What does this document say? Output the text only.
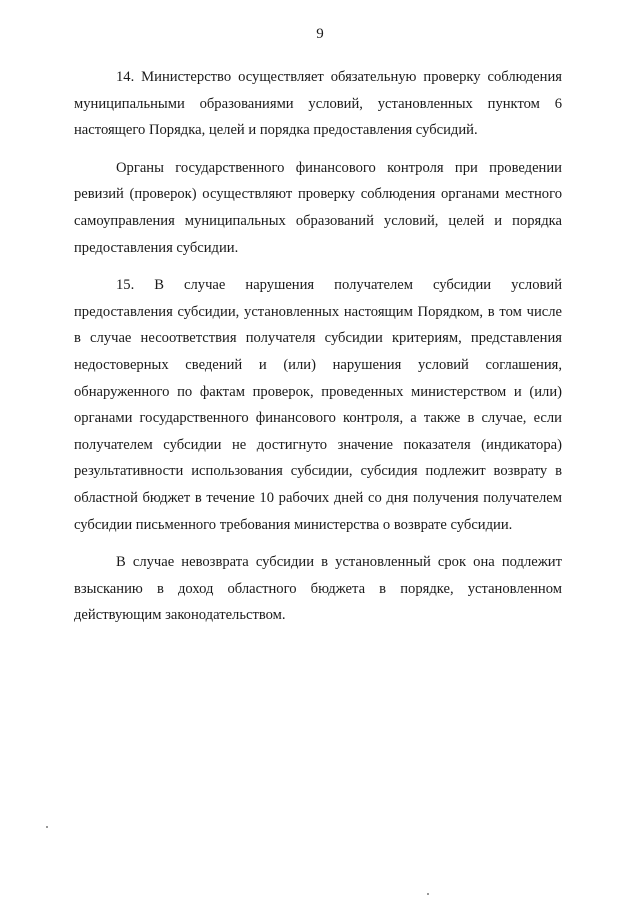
9

14. Министерство осуществляет обязательную проверку соблюдения муниципальными образованиями условий, установленных пунктом 6 настоящего Порядка, целей и порядка предоставления субсидий.

Органы государственного финансового контроля при проведении ревизий (проверок) осуществляют проверку соблюдения органами местного самоуправления муниципальных образований условий, целей и порядка предоставления субсидии.

15. В случае нарушения получателем субсидии условий предоставления субсидии, установленных настоящим Порядком, в том числе в случае несоответствия получателя субсидии критериям, представления недостоверных сведений и (или) нарушения условий соглашения, обнаруженного по фактам проверок, проведенных министерством и (или) органами государственного финансового контроля, а также в случае, если получателем субсидии не достигнуто значение показателя (индикатора) результативности использования субсидии, субсидия подлежит возврату в областной бюджет в течение 10 рабочих дней со дня получения получателем субсидии письменного требования министерства о возврате субсидии.

В случае невозврата субсидии в установленный срок она подлежит взысканию в доход областного бюджета в порядке, установленном действующим законодательством.
